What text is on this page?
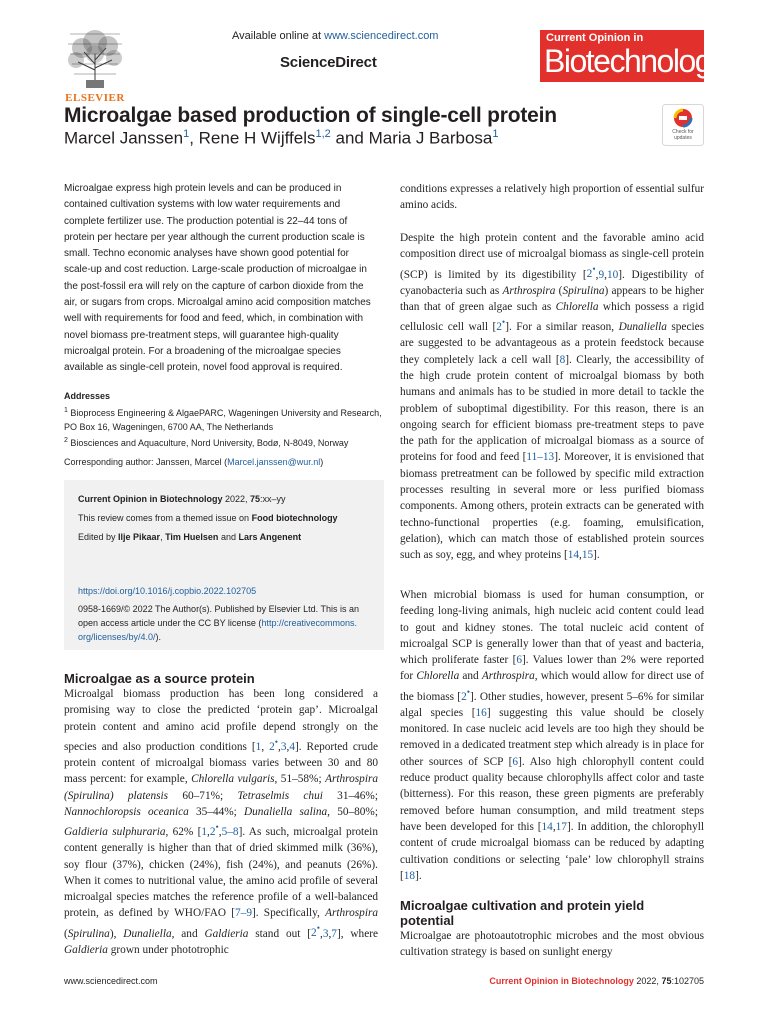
ELSEVIER
Available online at www.sciencedirect.com
ScienceDirect
Current Opinion in
Biotechnology
Microalgae based production of single-cell protein
Marcel Janssen$^1$, Rene H Wijffels$^{1,2}$ and Maria J Barbosa$^1$	Check for updates
Microalgae express high protein levels and can be produced in contained cultivation systems with low water requirements and complete fertilizer use. The production potential is 22–44 tons of protein per hectare per year although the current production scale is small. Techno economic analyses have shown good potential for scale-up and cost reduction. Large-scale production of microalgae in the post-fossil era will rely on the capture of carbon dioxide from the air, or sugars from crops. Microalgal amino acid composition matches well with requirements for food and feed, which, in combination with novel biomass pre-treatment steps, will guarantee high-quality microalgal protein. For a broadening of the microalgae species available as single-cell protein, novel food approval is required.
Addresses
$^1$ Bioprocess Engineering & AlgaePARC, Wageningen University and Research, PO Box 16, Wageningen, 6700 AA, The Netherlands
$^2$ Biosciences and Aquaculture, Nord University, Bodø, N-8049, Norway
Corresponding author: Janssen, Marcel (Marcel.janssen@wur.nl)
Current Opinion in Biotechnology 2022, 75:xx–yy
This review comes from a themed issue on Food biotechnology
Edited by Ilje Pikaar, Tim Huelsen and Lars Angenent
https://doi.org/10.1016/j.copbio.2022.102705
0958-1669/© 2022 The Author(s). Published by Elsevier Ltd. This is an
open access article under the CC BY license (http://creativecommons.
org/licenses/by/4.0/).
Microalgae as a source protein

Microalgal biomass production has been long considered a promising way to close the predicted ‘protein gap’. Microalgal protein content and amino acid profile depend strongly on the species and also production conditions [1, 2•,3,4]. Reported crude protein content of microalgal biomass varies between 30 and 80 mass percent: for example, Chlorella vulgaris, 51–58%; Arthrospira (Spirulina) platensis 60–71%; Tetraselmis chui 31–46%; Nannochloropsis oceanica 35–44%; Dunaliella salina, 50–80%; Galdieria sulphuraria, 62% [1,2•,5–8]. As such, microalgal protein content generally is higher than that of dried skimmed milk (36%), soy flour (37%), chicken (24%), fish (24%), and peanuts (26%). When it comes to nutritional value, the amino acid profile of several microalgal species matches the reference profile of a well-balanced protein, as defined by WHO/FAO [7–9]. Specifically, Arthrospira (Spirulina), Dunaliella, and Galdieria stand out [2•,3,7], where Galdieria grown under phototrophic

conditions expresses a relatively high proportion of essential sulfur amino acids.

Despite the high protein content and the favorable amino acid composition direct use of microalgal biomass as single-cell protein (SCP) is limited by its digestibility [2•,9,10]. Digestibility of cyanobacteria such as Arthrospira (Spirulina) appears to be higher than that of green algae such as Chlorella which possess a rigid cellulosic cell wall [2•]. For a similar reason, Dunaliella species are suggested to be advantageous as a protein feedstock because they completely lack a cell wall [8]. Clearly, the accessibility of the high crude protein content of microalgal biomass by both humans and animals has to be studied in more detail to tackle the problem of suboptimal digestibility. For this reason, there is an ongoing search for efficient biomass pre-treatment steps to pave the path for the application of microalgal biomass as a source of proteins for food and feed [11–13]. Moreover, it is envisioned that biomass pretreatment can be followed by specific mild extraction processes resulting in several more or less purified biomass components. Among others, protein extracts can be generated with techno-functional properties (e.g. foaming, emulsification, gelation), which can match those of established protein sources such as soy, egg, and whey proteins [14,15].

When microbial biomass is used for human consumption, or feeding long-living animals, high nucleic acid content could lead to gout and kidney stones. The total nucleic acid content of microalgal SCP is generally lower than that of yeast and bacteria, which proliferate faster [6]. Values lower than 2% were reported for Chlorella and Arthrospira, which would allow for direct use of the biomass [2•]. Other studies, however, present 5–6% for similar algal species [16] suggesting this value should be closely monitored. In case nucleic acid levels are too high they should be removed in a dedicated treatment step which already is in place for other sources of SCP [6]. Also high chlorophyll content could reduce product quality because chlorophylls affect color and taste (bitterness). For this reason, these green pigments are preferably removed before human consumption, and mild treatment steps have been developed for this [14,17]. In addition, the chlorophyll content of crude microalgal biomass can be reduced by adapting cultivation conditions or selecting ‘pale’ low chlorophyll strains [18].

Microalgae cultivation and protein yield
potential

Microalgae are photoautotrophic microbes and the most obvious cultivation strategy is based on sunlight energy

www.sciencedirect.com	Current Opinion in Biotechnology 2022, 75:102705
